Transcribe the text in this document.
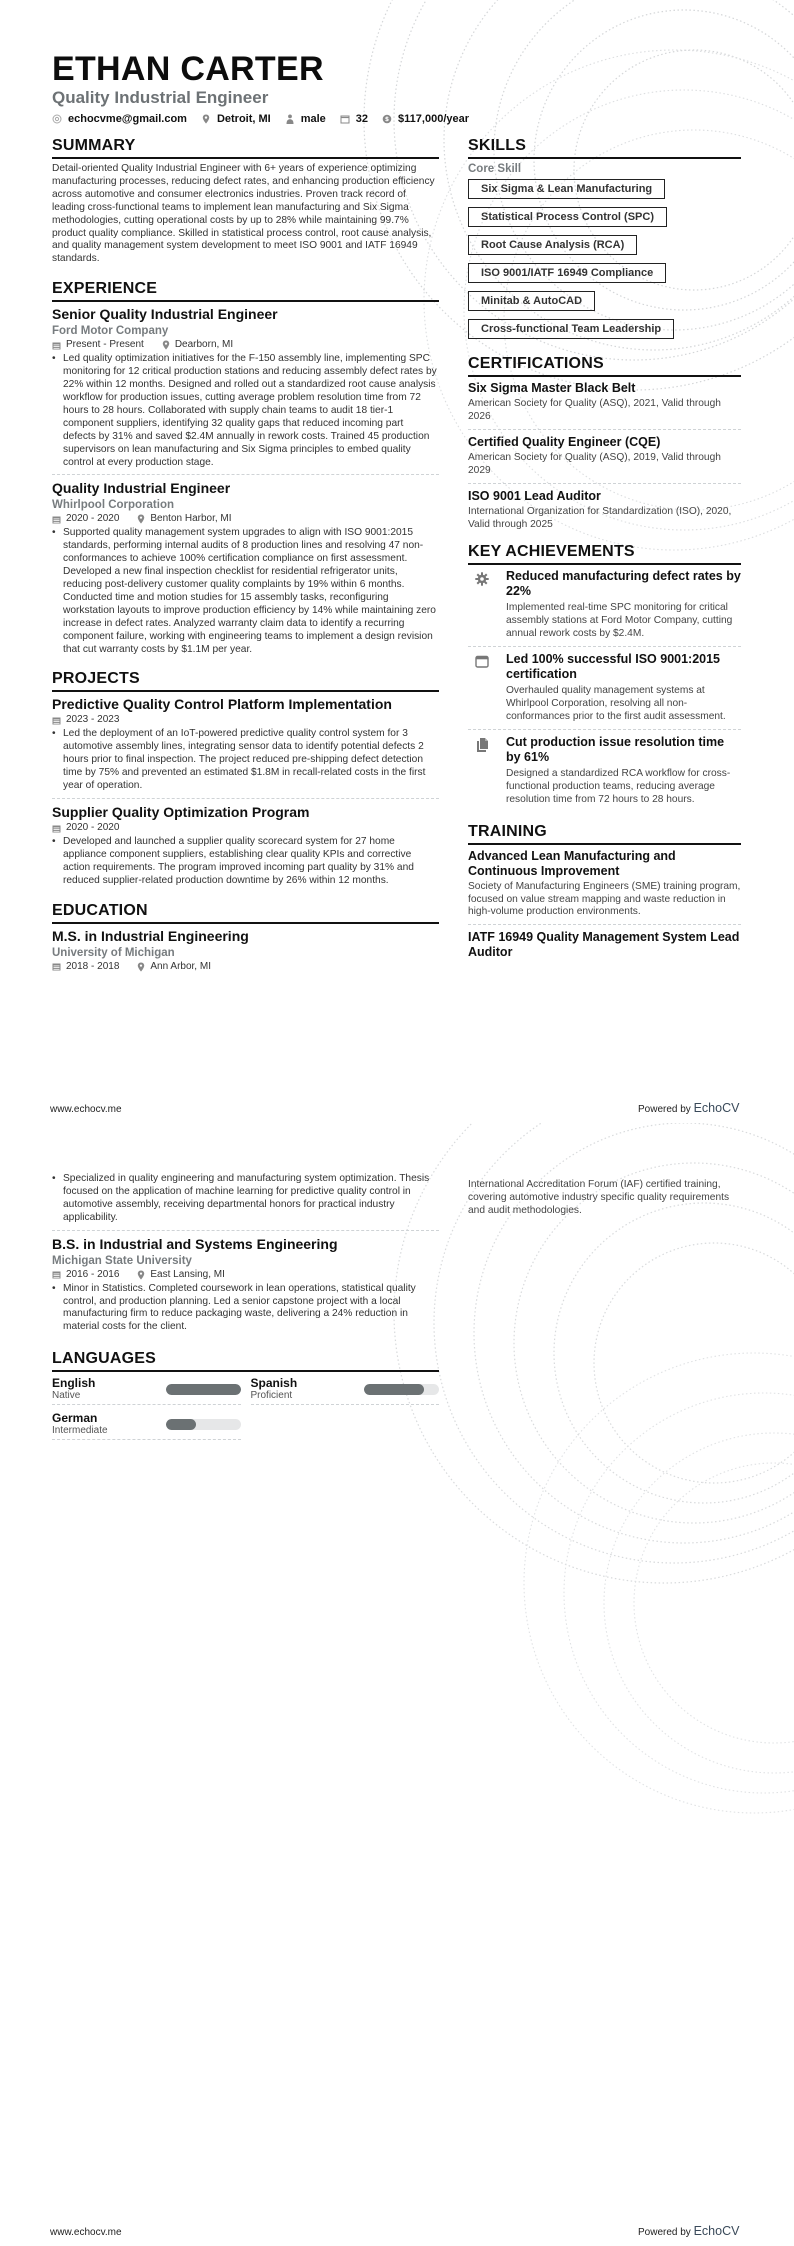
ETHAN CARTER
Quality Industrial Engineer
echocvme@gmail.com	Detroit, MI	male	32	$ $117,000/year
SUMMARY

Detail-oriented Quality Industrial Engineer with 6+ years of experience optimizing manufacturing processes, reducing defect rates, and enhancing production efficiency across automotive and consumer electronics industries. Proven track record of leading cross-functional teams to implement lean manufacturing and Six Sigma methodologies, cutting operational costs by up to 28% while maintaining 99.7% product quality compliance. Skilled in statistical process control, root cause analysis, and quality management system development to meet ISO 9001 and IATF 16949 standards.

EXPERIENCE
Senior Quality Industrial Engineer
Ford Motor Company
Present - Present	Dearborn, MI
• Led quality optimization initiatives for the F-150 assembly line, implementing SPC monitoring for 12 critical production stations and reducing assembly defect rates by 22% within 12 months. Designed and rolled out a standardized root cause analysis workflow for production issues, cutting average problem resolution time from 72 hours to 28 hours. Collaborated with supply chain teams to audit 18 tier-1 component suppliers, identifying 32 quality gaps that reduced incoming part defects by 31% and saved $2.4M annually in rework costs. Trained 45 production supervisors on lean manufacturing and Six Sigma principles to embed quality control at every production stage.
Quality Industrial Engineer
Whirlpool Corporation
2020 - 2020	Benton Harbor, MI
• Supported quality management system upgrades to align with ISO 9001:2015 standards, performing internal audits of 8 production lines and resolving 47 non-conformances to achieve 100% certification compliance on first assessment. Developed a new final inspection checklist for residential refrigerator units, reducing post-delivery customer quality complaints by 19% within 6 months. Conducted time and motion studies for 15 assembly tasks, reconfiguring workstation layouts to improve production efficiency by 14% while maintaining zero increase in defect rates. Analyzed warranty claim data to identify a recurring component failure, working with engineering teams to implement a design revision that cut warranty costs by $1.1M per year.
PROJECTS
Predictive Quality Control Platform Implementation
2023 - 2023
• Led the deployment of an IoT-powered predictive quality control system for 3 automotive assembly lines, integrating sensor data to identify potential defects 2 hours prior to final inspection. The project reduced pre-shipping defect detection time by 75% and prevented an estimated $1.8M in recall-related costs in the first year of operation.
Supplier Quality Optimization Program
2020 - 2020
• Developed and launched a supplier quality scorecard system for 27 home appliance component suppliers, establishing clear quality KPIs and corrective action requirements. The program improved incoming part quality by 31% and reduced supplier-related production downtime by 26% within 12 months.
EDUCATION
M.S. in Industrial Engineering
University of Michigan
2018 - 2018	Ann Arbor, MI
SKILLS
Core Skill
Six Sigma & Lean Manufacturing
Statistical Process Control (SPC)
Root Cause Analysis (RCA)
ISO 9001/IATF 16949 Compliance
Minitab & AutoCAD
Cross-functional Team Leadership
CERTIFICATIONS
Six Sigma Master Black Belt
American Society for Quality (ASQ), 2021, Valid through 2026
Certified Quality Engineer (CQE)
American Society for Quality (ASQ), 2019, Valid through 2029
ISO 9001 Lead Auditor
International Organization for Standardization (ISO), 2020, Valid through 2025
KEY ACHIEVEMENTS
Reduced manufacturing defect rates by 22%
Implemented real-time SPC monitoring for critical assembly stations at Ford Motor Company, cutting annual rework costs by $2.4M.
Led 100% successful ISO 9001:2015 certification
Overhauled quality management systems at Whirlpool Corporation, resolving all non-conformances prior to the first audit assessment.
Cut production issue resolution time by 61%
Designed a standardized RCA workflow for cross-functional production teams, reducing average resolution time from 72 hours to 28 hours.
TRAINING
Advanced Lean Manufacturing and Continuous Improvement
Society of Manufacturing Engineers (SME) training program, focused on value stream mapping and waste reduction in high-volume production environments.
IATF 16949 Quality Management System Lead Auditor
www.echocv.me	Powered by EchoCV
• Specialized in quality engineering and manufacturing system optimization. Thesis focused on the application of machine learning for predictive quality control in automotive assembly, receiving departmental honors for practical industry applicability.
B.S. in Industrial and Systems Engineering
Michigan State University
2016 - 2016	East Lansing, MI
• Minor in Statistics. Completed coursework in lean operations, statistical quality control, and production planning. Led a senior capstone project with a local manufacturing firm to reduce packaging waste, delivering a 24% reduction in material costs for the client.
LANGUAGES
English
Native
Spanish
Proficient
German
Intermediate
International Accreditation Forum (IAF) certified training, covering automotive industry specific quality requirements and audit methodologies.
www.echocv.me	Powered by EchoCV
